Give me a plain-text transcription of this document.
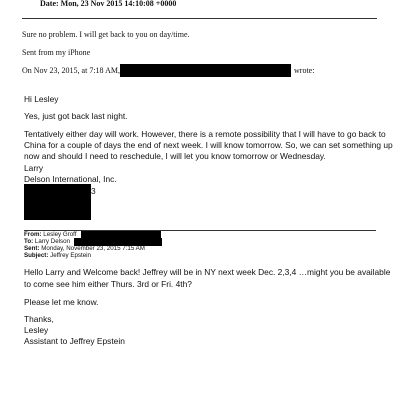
Date: Mon, 23 Nov 2015 14:10:08 +0000
Sure no problem. I will get back to you on day/time.
Sent from my iPhone
On Nov 23, 2015, at 7:18 AM,	wrote:
Hi Lesley
Yes, just got back last night.
Tentatively either day will work. However, there is a remote possibility that I will have to go back to
China for a couple of days the end of next week. I will know tomorrow. So, we can set something up
now and should I need to reschedule, I will let you know tomorrow or Wednesday.
Larry
Delson International, Inc.
3
From: Lesley Groff
To: Larry Delson
Sent: Monday, November 23, 2015 7:15 AM
Subject: Jeffrey Epstein
Hello Larry and Welcome back! Jeffrey will be in NY next week Dec. 2,3,4 …might you be available
to come see him either Thurs. 3rd or Fri. 4th?
Please let me know.
Thanks,
Lesley
Assistant to Jeffrey Epstein
